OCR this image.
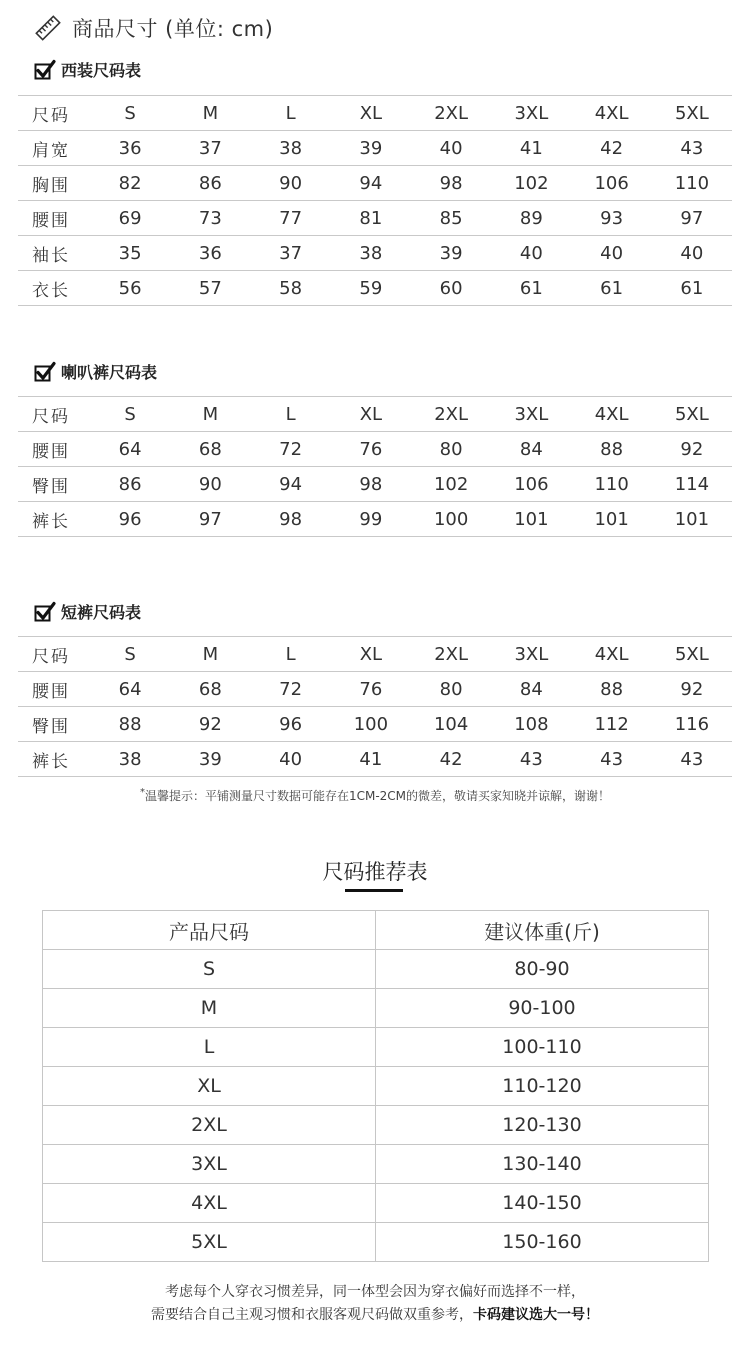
商品尺寸 (单位: cm)
西装尺码表
尺码	S	M	L	XL	2XL	3XL	4XL	5XL
肩宽	36	37	38	39	40	41	42	43
胸围	82	86	90	94	98	102	106	110
腰围	69	73	77	81	85	89	93	97
袖长	35	36	37	38	39	40	40	40
衣长	56	57	58	59	60	61	61	61
喇叭裤尺码表
尺码	S	M	L	XL	2XL	3XL	4XL	5XL
腰围	64	68	72	76	80	84	88	92
臀围	86	90	94	98	102	106	110	114
裤长	96	97	98	99	100	101	101	101
短裤尺码表
尺码	S	M	L	XL	2XL	3XL	4XL	5XL
腰围	64	68	72	76	80	84	88	92
臀围	88	92	96	100	104	108	112	116
裤长	38	39	40	41	42	43	43	43
*温馨提示：平铺测量尺寸数据可能存在1CM-2CM的微差，敬请买家知晓并谅解，谢谢！
尺码推荐表
产品尺码	建议体重(斤)
S	80-90
M	90-100
L	100-110
XL	110-120
2XL	120-130
3XL	130-140
4XL	140-150
5XL	150-160
考虑每个人穿衣习惯差异，同一体型会因为穿衣偏好而选择不一样，
需要结合自己主观习惯和衣服客观尺码做双重参考，卡码建议选大一号！
